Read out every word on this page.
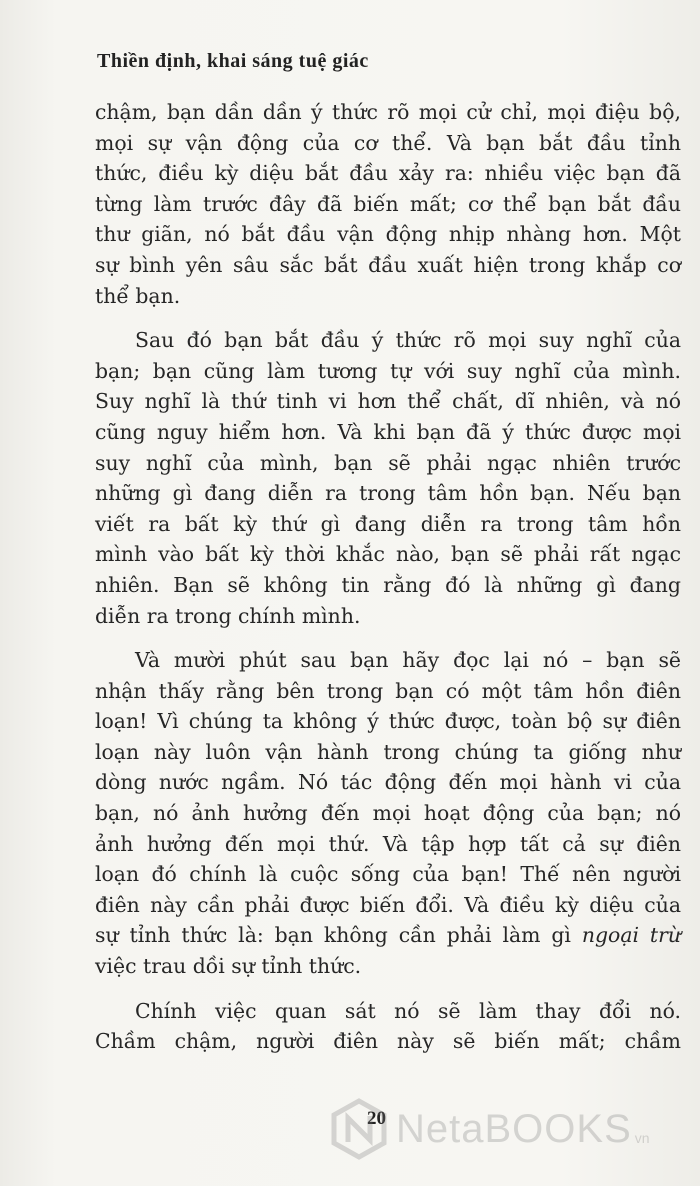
Thiền định, khai sáng tuệ giác

chậm, bạn dần dần ý thức rõ mọi cử chỉ, mọi điệu bộ,
mọi sự vận động của cơ thể. Và bạn bắt đầu tỉnh
thức, điều kỳ diệu bắt đầu xảy ra: nhiều việc bạn đã
từng làm trước đây đã biến mất; cơ thể bạn bắt đầu
thư giãn, nó bắt đầu vận động nhịp nhàng hơn. Một
sự bình yên sâu sắc bắt đầu xuất hiện trong khắp cơ
thể bạn.

Sau đó bạn bắt đầu ý thức rõ mọi suy nghĩ của
bạn; bạn cũng làm tương tự với suy nghĩ của mình.
Suy nghĩ là thứ tinh vi hơn thể chất, dĩ nhiên, và nó
cũng nguy hiểm hơn. Và khi bạn đã ý thức được mọi
suy nghĩ của mình, bạn sẽ phải ngạc nhiên trước
những gì đang diễn ra trong tâm hồn bạn. Nếu bạn
viết ra bất kỳ thứ gì đang diễn ra trong tâm hồn
mình vào bất kỳ thời khắc nào, bạn sẽ phải rất ngạc
nhiên. Bạn sẽ không tin rằng đó là những gì đang
diễn ra trong chính mình.

Và mười phút sau bạn hãy đọc lại nó – bạn sẽ
nhận thấy rằng bên trong bạn có một tâm hồn điên
loạn! Vì chúng ta không ý thức được, toàn bộ sự điên
loạn này luôn vận hành trong chúng ta giống như
dòng nước ngầm. Nó tác động đến mọi hành vi của
bạn, nó ảnh hưởng đến mọi hoạt động của bạn; nó
ảnh hưởng đến mọi thứ. Và tập hợp tất cả sự điên
loạn đó chính là cuộc sống của bạn! Thế nên người
điên này cần phải được biến đổi. Và điều kỳ diệu của
sự tỉnh thức là: bạn không cần phải làm gì ngoại trừ
việc trau dồi sự tỉnh thức.

Chính việc quan sát nó sẽ làm thay đổi nó.
Chầm chậm, người điên này sẽ biến mất; chầm

20 NetaBOOKS vn
